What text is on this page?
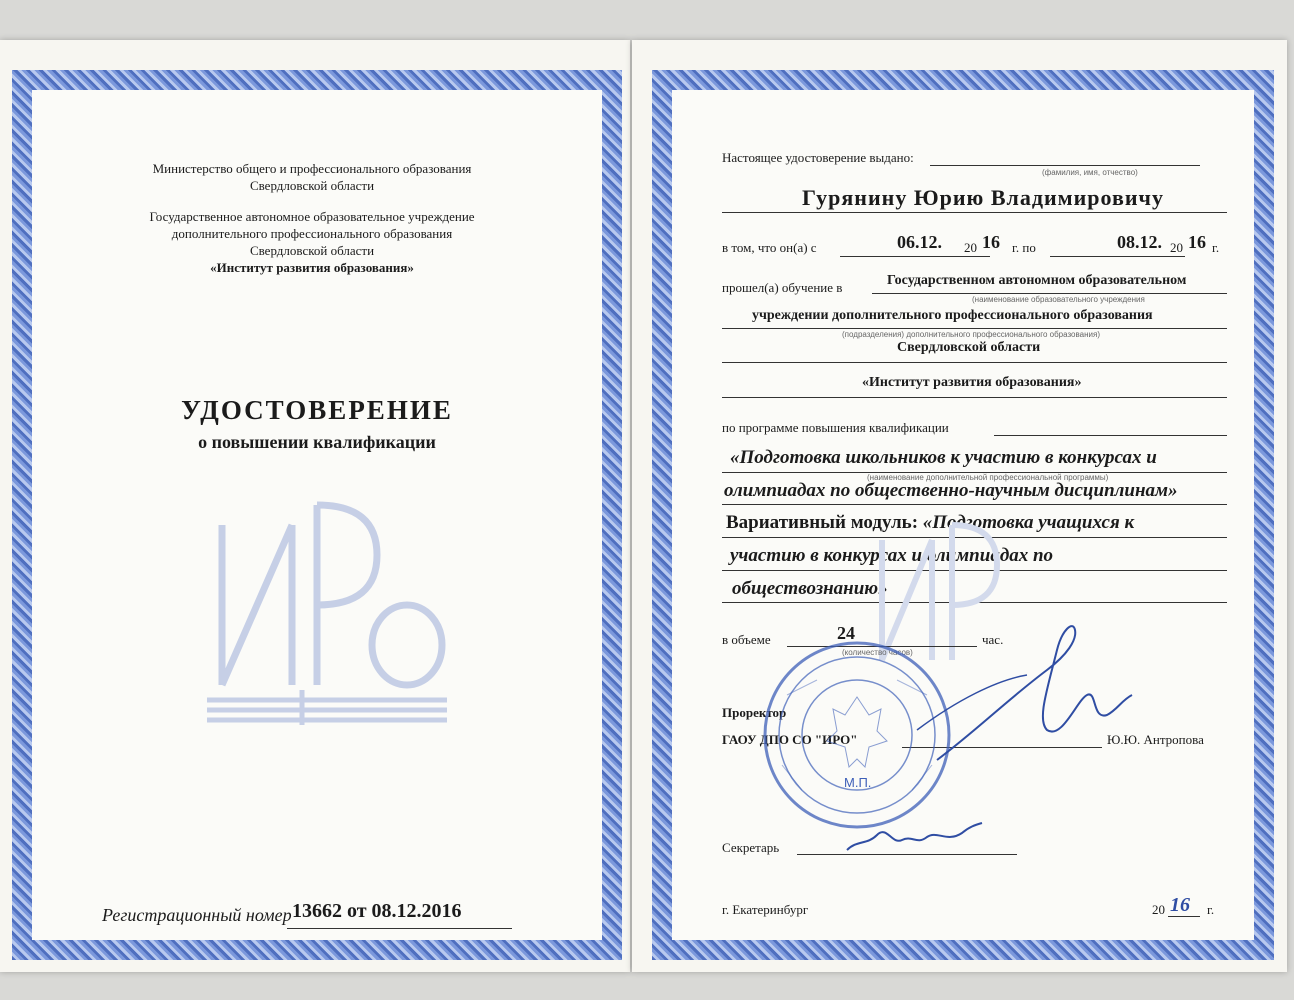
Министерство общего и профессионального образования
Свердловской области
Государственное автономное образовательное учреждение
дополнительного профессионального образования
Свердловской области
«Институт развития образования»
УДОСТОВЕРЕНИЕ
о повышении квалификации
Регистрационный номер 13662 от 08.12.2016
Настоящее удостоверение выдано:
(фамилия, имя, отчество)
Гурянину Юрию Владимировичу
в том, что он(а) с	06.12. 20 16 г. по	08.12. 20 16 г.
прошел(а) обучение в	Государственном автономном образовательном
(наименование образовательного учреждения
учреждении дополнительного профессионального образования
(подразделения) дополнительного профессионального образования)
Свердловской области
«Институт развития образования»
по программе повышения квалификации
«Подготовка школьников к участию в конкурсах и
(наименование дополнительной профессиональной программы)
олимпиадах по общественно-научным дисциплинам»
Вариативный модуль: «Подготовка учащихся к
участию в конкурсах и олимпиадах по
обществознанию»
в объеме	24
(количество часов)
час.
Проректор
ГАОУ ДПО СО "ИРО"	Ю.Ю. Антропова
М.П.
Секретарь
г. Екатеринбург	20 16 г.
